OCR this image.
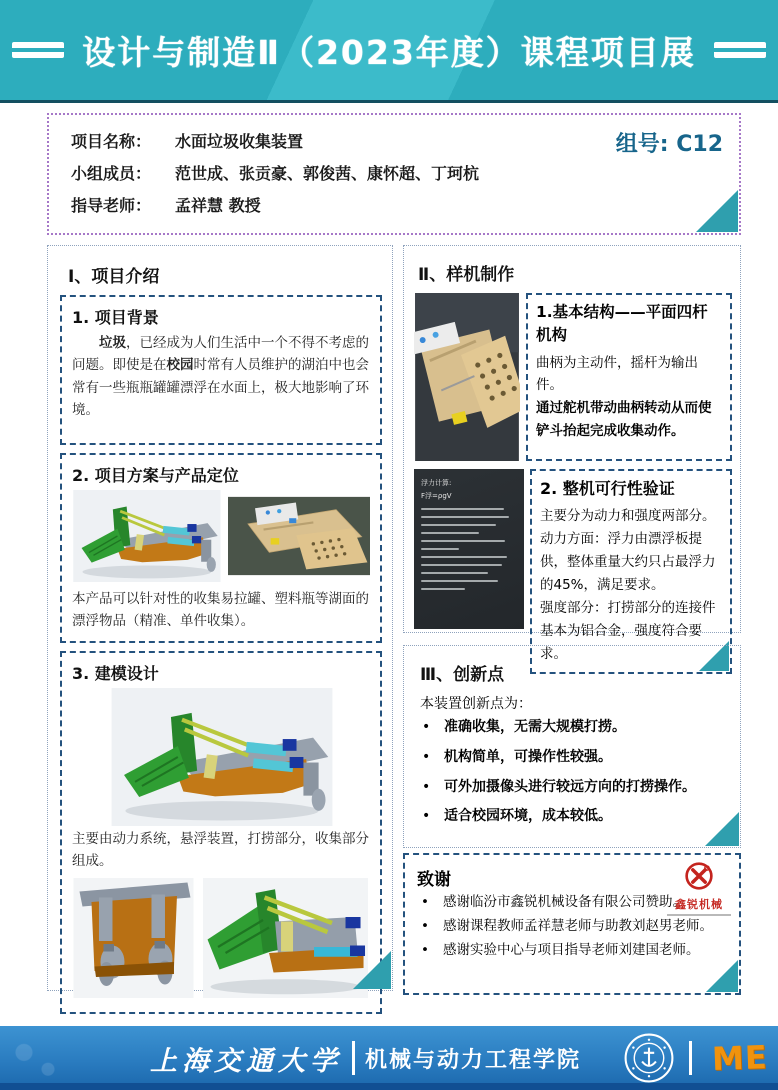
设计与制造Ⅱ（2023年度）课程项目展
项目名称：	水面垃圾收集装置
小组成员：	范世成、张贡豪、郭俊茜、康怀超、丁珂杭
指导老师：	孟祥慧 教授
组号: C12
Ⅰ、项目介绍
1. 项目背景
垃圾，已经成为人们生活中一个不得不考虑的问题。即使是在校园时常有人员维护的湖泊中也会常有一些瓶瓶罐罐漂浮在水面上，极大地影响了环境。
2. 项目方案与产品定位
本产品可以针对性的收集易拉罐、塑料瓶等湖面的漂浮物品（精准、单件收集）。
3. 建模设计
主要由动力系统，悬浮装置，打捞部分，收集部分组成。
Ⅱ、样机制作
1.基本结构——平面四杆机构
曲柄为主动件，摇杆为输出件。
通过舵机带动曲柄转动从而使铲斗抬起完成收集动作。
浮力计算:
F浮=ρgV	2. 整机可行性验证
主要分为动力和强度两部分。
动力方面：浮力由漂浮板提供，整体重量大约只占最浮力的45%，满足要求。
强度部分：打捞部分的连接件基本为铝合金，强度符合要求。
Ⅲ、创新点
本装置创新点为：
• 准确收集，无需大规模打捞。
• 机构简单，可操作性较强。
• 可外加摄像头进行较远方向的打捞操作。
• 适合校园环境，成本较低。
致谢
鑫锐机械
•	感谢临汾市鑫锐机械设备有限公司赞助。
•	感谢课程教师孟祥慧老师与助教刘赵男老师。
•	感谢实验中心与项目指导老师刘建国老师。
上海交通大学 机械与动力工程学院	ME
